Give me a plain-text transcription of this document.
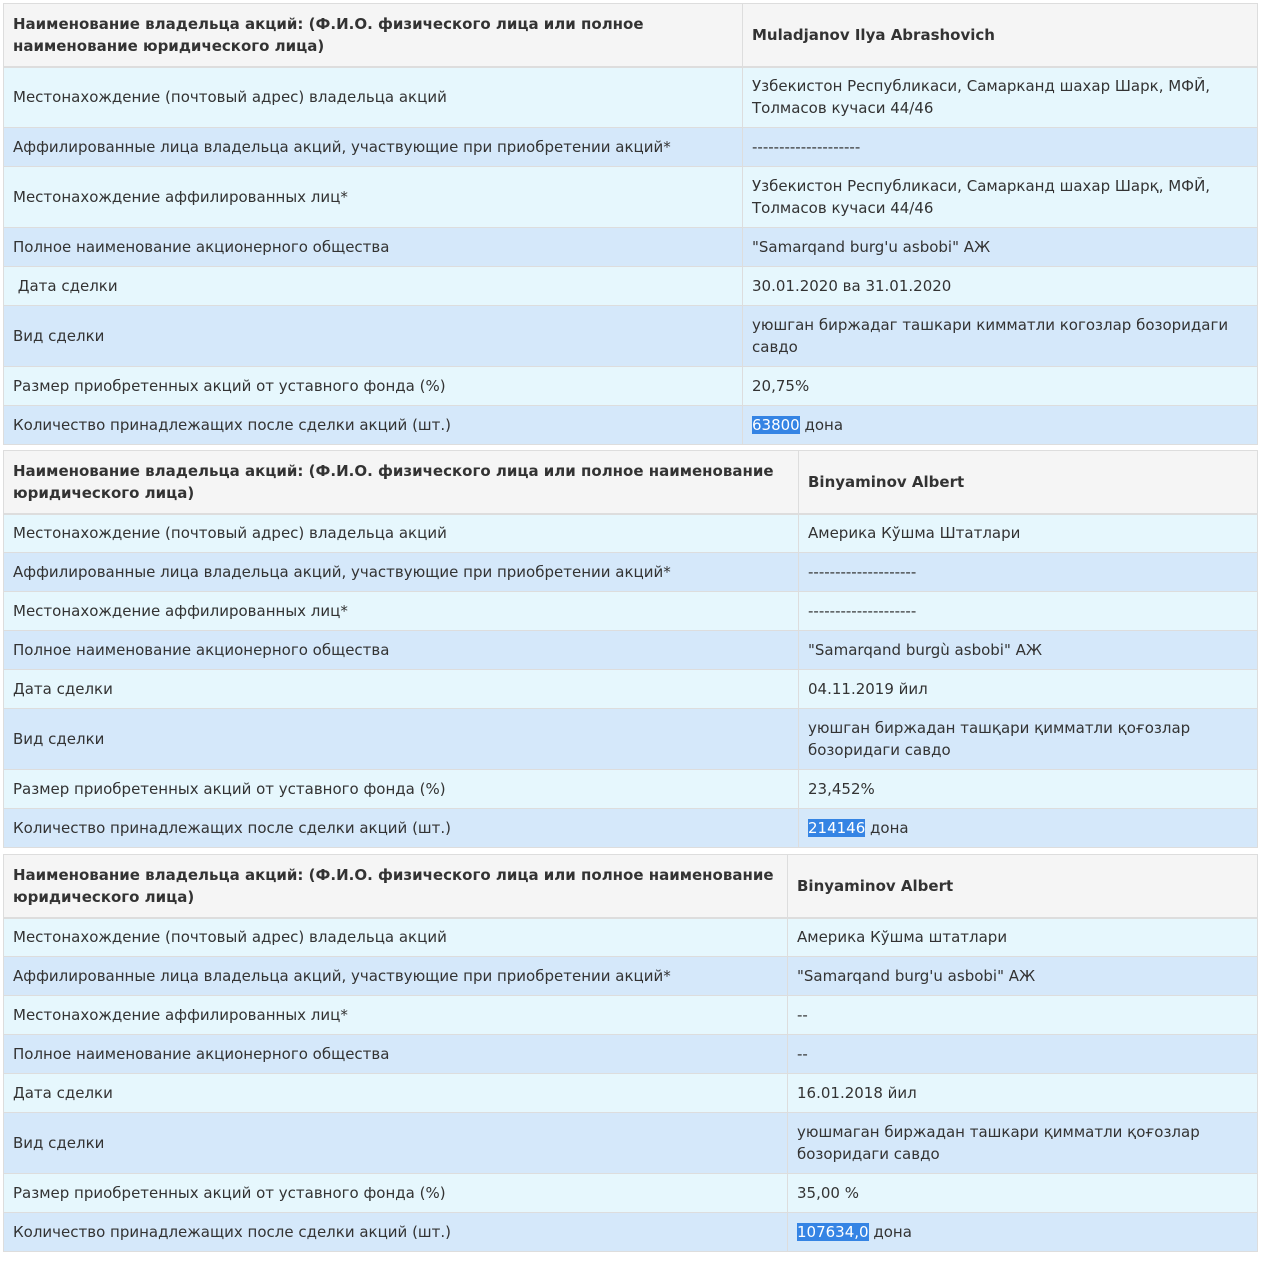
Наименование владельца акций: (Ф.И.О. физического лица или полное наименование юридического лица)	Muladjanov Ilya Abrashovich
Местонахождение (почтовый адрес) владельца акций	Узбекистон Республикаси, Самарканд шахар Шарк, МФЙ, Толмасов кучаси 44/46
Аффилированные лица владельца акций, участвующие при приобретении акций*	--------------------
Местонахождение аффилированных лиц*	Узбекистон Республикаси, Самарканд шахар Шарқ, МФЙ, Толмасов кучаси 44/46
Полное наименование акционерного общества	"Samarqand burg'u asbobi" АЖ
Дата сделки	30.01.2020 ва 31.01.2020
Вид сделки	уюшган биржадаг ташкари кимматли когозлар бозоридаги савдо
Размер приобретенных акций от уставного фонда (%)	20,75%
Количество принадлежащих после сделки акций (шт.)	63800 дона
Наименование владельца акций: (Ф.И.О. физического лица или полное наименование юридического лица)	Binyaminov Albert
Местонахождение (почтовый адрес) владельца акций	Америка Кўшма Штатлари
Аффилированные лица владельца акций, участвующие при приобретении акций*	--------------------
Местонахождение аффилированных лиц*	--------------------
Полное наименование акционерного общества	"Samarqand burgù asbobi" АЖ
Дата сделки	04.11.2019 йил
Вид сделки	уюшган биржадан ташқари қимматли қоғозлар бозоридаги савдо
Размер приобретенных акций от уставного фонда (%)	23,452%
Количество принадлежащих после сделки акций (шт.)	214146 дона
Наименование владельца акций: (Ф.И.О. физического лица или полное наименование юридического лица)	Binyaminov Albert
Местонахождение (почтовый адрес) владельца акций	Америка Кўшма штатлари
Аффилированные лица владельца акций, участвующие при приобретении акций*	"Samarqand burg'u asbobi" АЖ
Местонахождение аффилированных лиц*	--
Полное наименование акционерного общества	--
Дата сделки	16.01.2018 йил
Вид сделки	уюшмаган биржадан ташкари қимматли қоғозлар бозоридаги савдо
Размер приобретенных акций от уставного фонда (%)	35,00 %
Количество принадлежащих после сделки акций (шт.)	107634,0 дона
